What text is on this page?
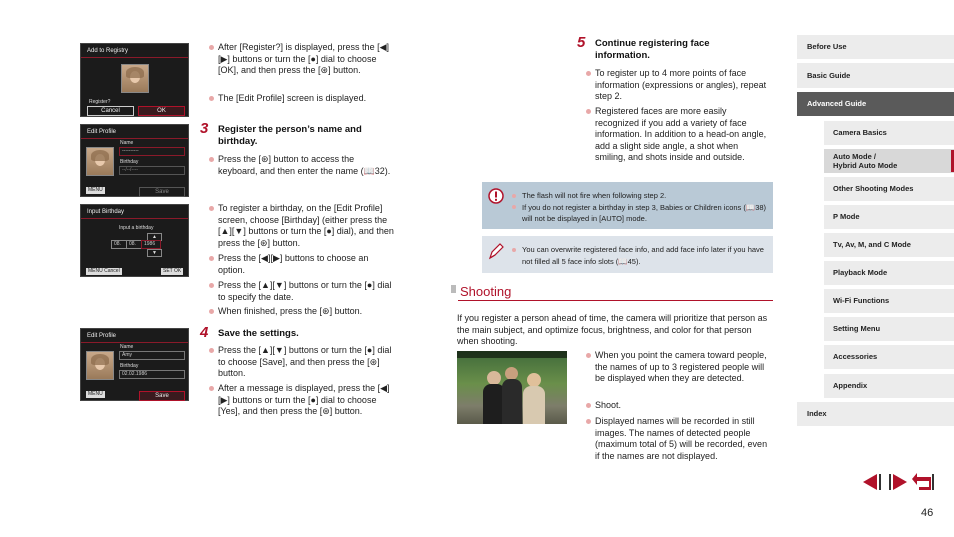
Add to Registry
Register?
Cancel	OK
Edit Profile
Name
----------
Birthday
--/--/----
MENU	Save
Input Birthday
Input a birthday
▲
08.	08.	1986
▼
MENU Cancel	SET OK
Edit Profile
Name
Amy
Birthday
02.02.1986
MENU	Save
After [Register?] is displayed, press the [◀][▶] buttons or turn the [●] dial to choose [OK], and then press the [⊛] button.
The [Edit Profile] screen is displayed.
3 Register the person’s name and birthday.
Press the [⊛] button to access the keyboard, and then enter the name (📖32).
To register a birthday, on the [Edit Profile] screen, choose [Birthday] (either press the [▲][▼] buttons or turn the [●] dial), and then press the [⊛] button.
Press the [◀][▶] buttons to choose an option.
Press the [▲][▼] buttons or turn the [●] dial to specify the date.
When finished, press the [⊛] button.
4 Save the settings.
Press the [▲][▼] buttons or turn the [●] dial to choose [Save], and then press the [⊛] button.
After a message is displayed, press the [◀][▶] buttons or turn the [●] dial to choose [Yes], and then press the [⊛] button.
5 Continue registering face information.
To register up to 4 more points of face information (expressions or angles), repeat step 2.
Registered faces are more easily recognized if you add a variety of face information. In addition to a head-on angle, add a slight side angle, a shot when smiling, and shots inside and outside.
The flash will not fire when following step 2.
If you do not register a birthday in step 3, Babies or Children icons (📖38) will not be displayed in [AUTO] mode.
You can overwrite registered face info, and add face info later if you have not filled all 5 face info slots (📖45).
Shooting
If you register a person ahead of time, the camera will prioritize that person as the main subject, and optimize focus, brightness, and color for that person when shooting.
When you point the camera toward people, the names of up to 3 registered people will be displayed when they are detected.
Shoot.
Displayed names will be recorded in still images. The names of detected people (maximum total of 5) will be recorded, even if the names are not displayed.
Before Use
Basic Guide
Advanced Guide
Camera Basics
Auto Mode /
Hybrid Auto Mode
Other Shooting Modes
P Mode
Tv, Av, M, and C Mode
Playback Mode
Wi-Fi Functions
Setting Menu
Accessories
Appendix
Index
46
